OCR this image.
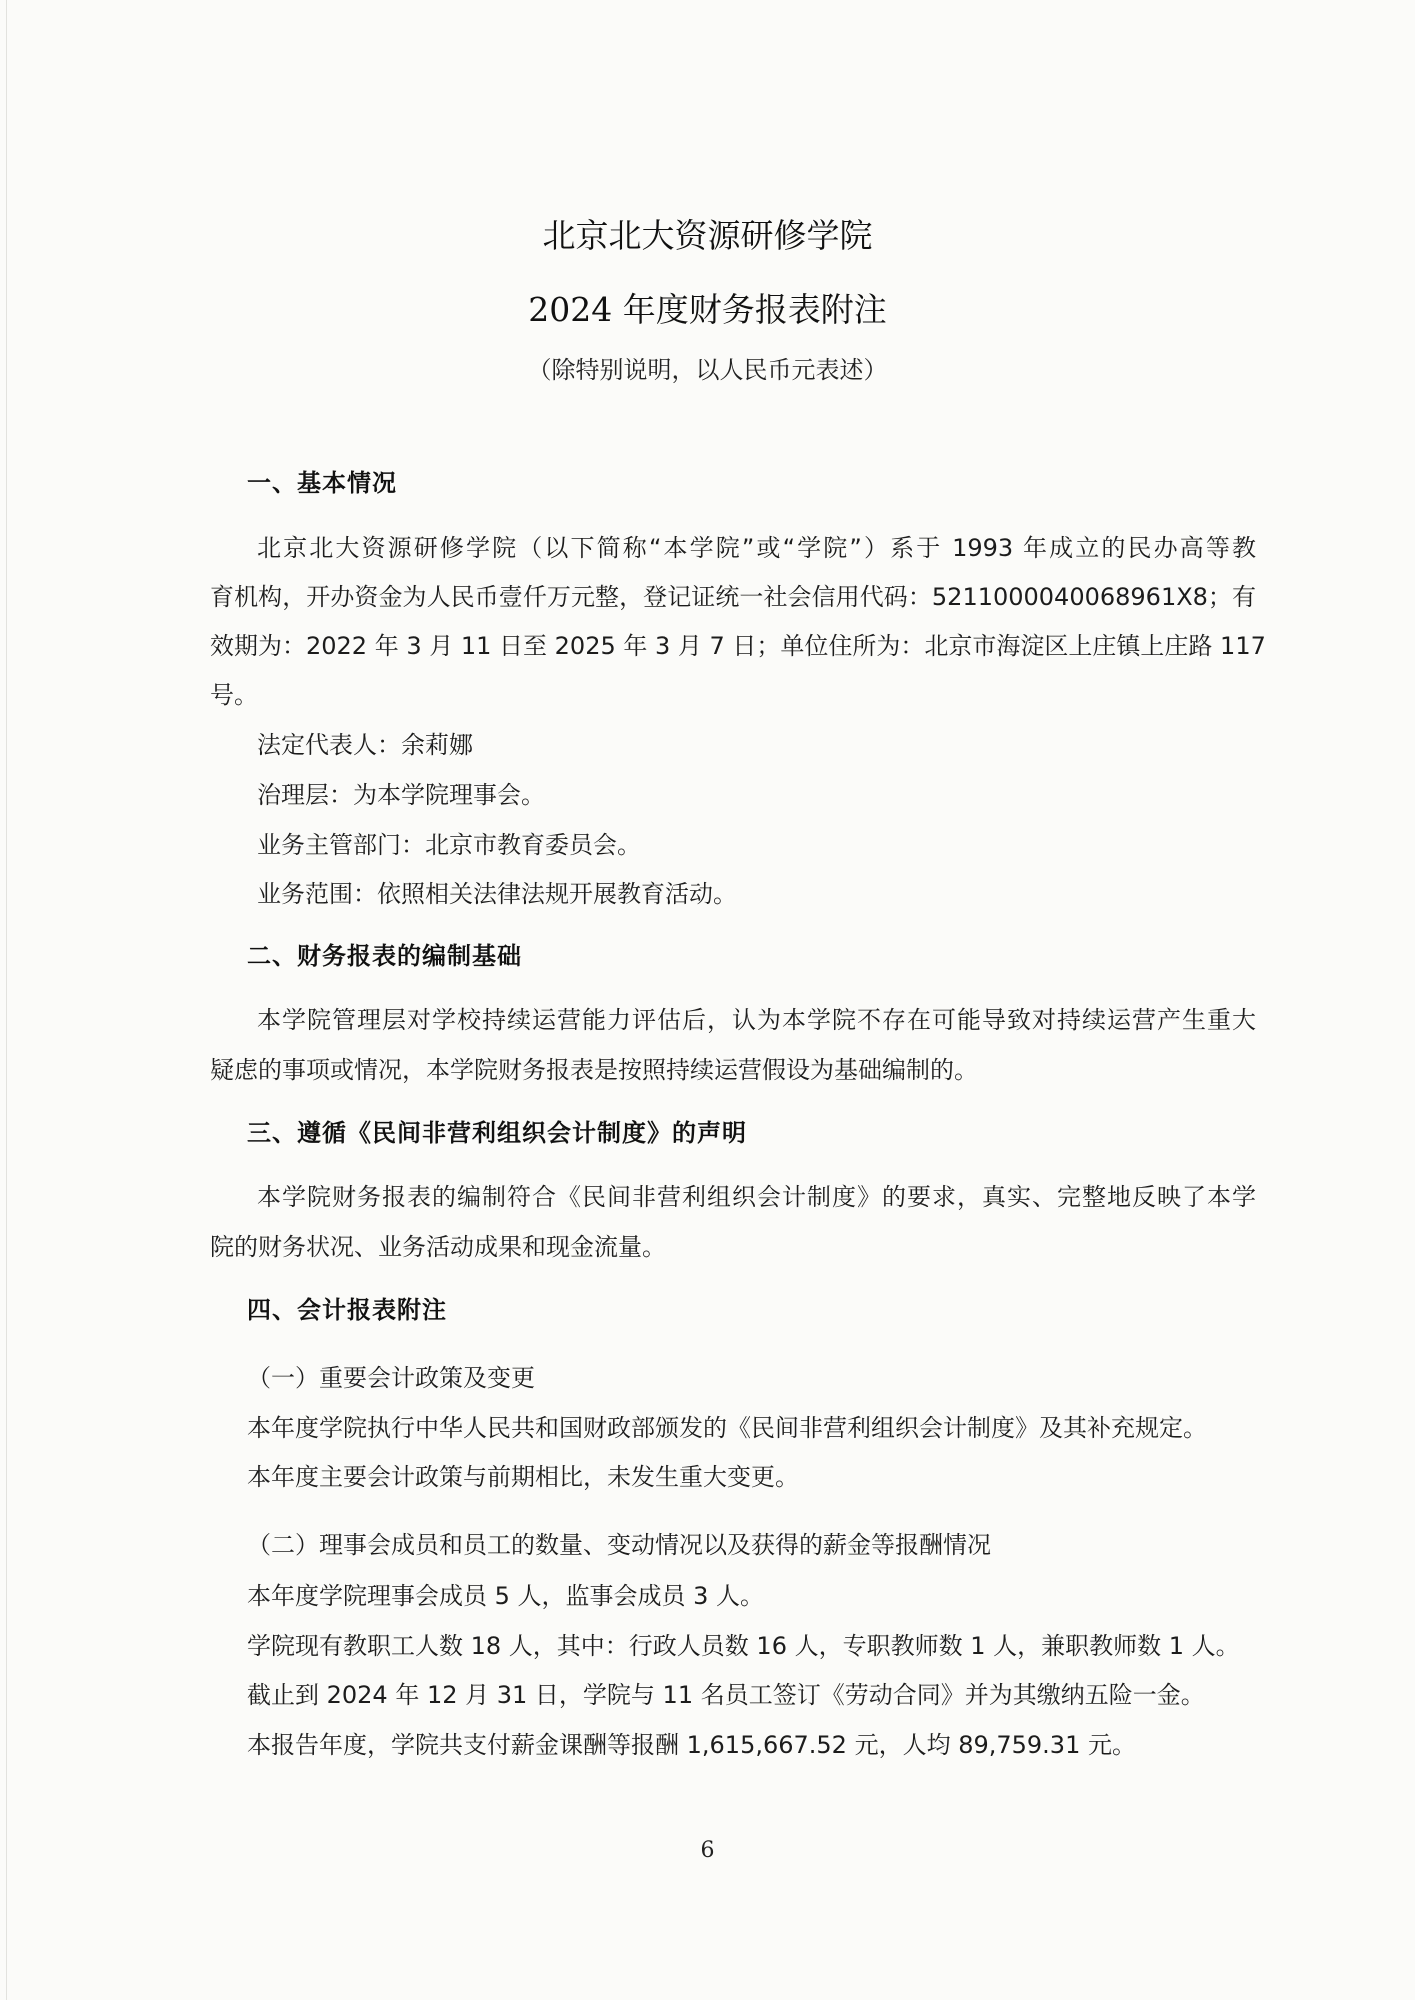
北京北大资源研修学院
2024 年度财务报表附注
（除特别说明，以人民币元表述）
一、基本情况
北京北大资源研修学院（以下简称“本学院”或“学院”）系于 1993 年成立的民办高等教
育机构，开办资金为人民币壹仟万元整，登记证统一社会信用代码：5211000040068961X8；有
效期为：2022 年 3 月 11 日至 2025 年 3 月 7 日；单位住所为：北京市海淀区上庄镇上庄路 117
号。
法定代表人：余莉娜
治理层：为本学院理事会。
业务主管部门：北京市教育委员会。
业务范围：依照相关法律法规开展教育活动。
二、财务报表的编制基础
本学院管理层对学校持续运营能力评估后，认为本学院不存在可能导致对持续运营产生重大
疑虑的事项或情况，本学院财务报表是按照持续运营假设为基础编制的。
三、遵循《民间非营利组织会计制度》的声明
本学院财务报表的编制符合《民间非营利组织会计制度》的要求，真实、完整地反映了本学
院的财务状况、业务活动成果和现金流量。
四、会计报表附注
（一）重要会计政策及变更
本年度学院执行中华人民共和国财政部颁发的《民间非营利组织会计制度》及其补充规定。
本年度主要会计政策与前期相比，未发生重大变更。
（二）理事会成员和员工的数量、变动情况以及获得的薪金等报酬情况
本年度学院理事会成员 5 人，监事会成员 3 人。
学院现有教职工人数 18 人，其中：行政人员数 16 人，专职教师数 1 人，兼职教师数 1 人。
截止到 2024 年 12 月 31 日，学院与 11 名员工签订《劳动合同》并为其缴纳五险一金。
本报告年度，学院共支付薪金课酬等报酬 1,615,667.52 元，人均 89,759.31 元。
6
